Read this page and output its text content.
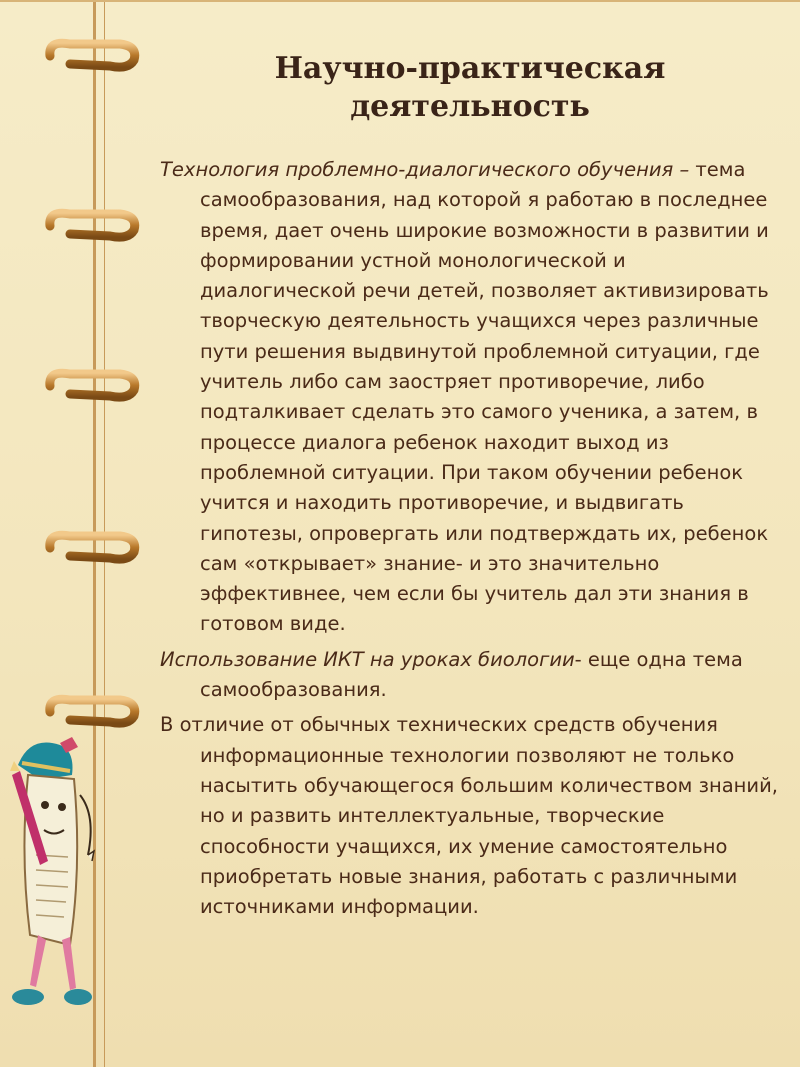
Научно-практическая деятельность

Технология проблемно-диалогического обучения – тема самообразования, над которой я работаю в последнее время, дает очень широкие возможности в развитии и формировании устной монологической и диалогической речи детей, позволяет активизировать творческую деятельность учащихся через различные пути решения выдвинутой проблемной ситуации, где учитель либо сам заостряет противоречие, либо подталкивает сделать это самого ученика, а затем, в процессе диалога ребенок находит выход из проблемной ситуации. При таком обучении ребенок учится и находить противоречие, и выдвигать гипотезы, опровергать или подтверждать их, ребенок сам «открывает» знание- и это значительно эффективнее, чем если бы учитель дал эти знания в готовом виде.

Использование ИКТ на уроках биологии- еще одна тема самообразования.

В отличие от обычных технических средств обучения информационные технологии позволяют не только насытить обучающегося большим количеством знаний, но и развить интеллектуальные, творческие способности учащихся, их умение самостоятельно приобретать новые знания, работать с различными источниками информации.
